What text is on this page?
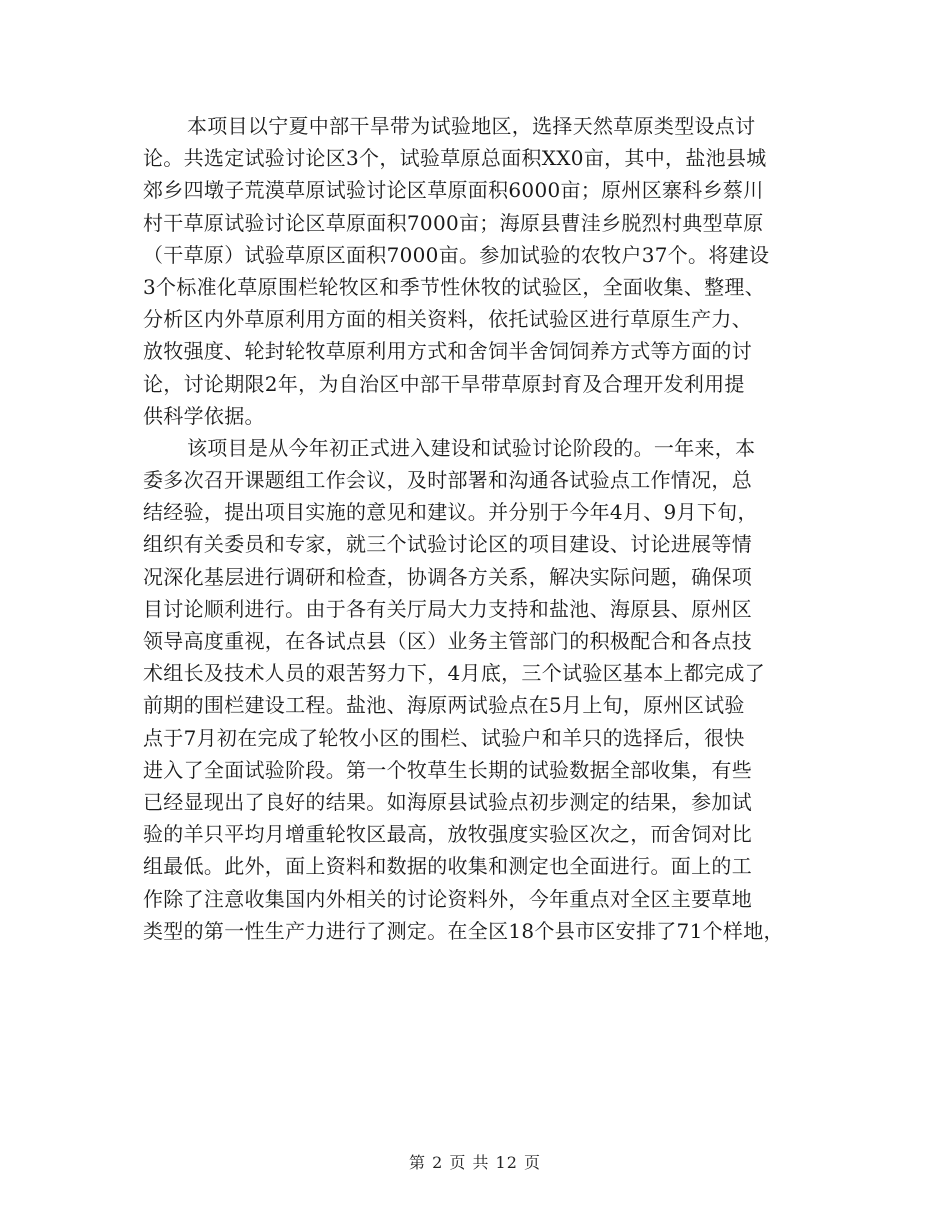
本项目以宁夏中部干旱带为试验地区，选择天然草原类型设点讨
论。共选定试验讨论区3个，试验草原总面积XX0亩，其中，盐池县城
郊乡四墩子荒漠草原试验讨论区草原面积6000亩；原州区寨科乡蔡川
村干草原试验讨论区草原面积7000亩；海原县曹洼乡脱烈村典型草原
（干草原）试验草原区面积7000亩。参加试验的农牧户37个。将建设
3个标准化草原围栏轮牧区和季节性休牧的试验区，全面收集、整理、
分析区内外草原利用方面的相关资料，依托试验区进行草原生产力、
放牧强度、轮封轮牧草原利用方式和舍饲半舍饲饲养方式等方面的讨
论，讨论期限2年，为自治区中部干旱带草原封育及合理开发利用提
供科学依据。
该项目是从今年初正式进入建设和试验讨论阶段的。一年来，本
委多次召开课题组工作会议，及时部署和沟通各试验点工作情况，总
结经验，提出项目实施的意见和建议。并分别于今年4月、9月下旬，
组织有关委员和专家，就三个试验讨论区的项目建设、讨论进展等情
况深化基层进行调研和检查，协调各方关系，解决实际问题，确保项
目讨论顺利进行。由于各有关厅局大力支持和盐池、海原县、原州区
领导高度重视，在各试点县（区）业务主管部门的积极配合和各点技
术组长及技术人员的艰苦努力下，4月底，三个试验区基本上都完成了
前期的围栏建设工程。盐池、海原两试验点在5月上旬，原州区试验
点于7月初在完成了轮牧小区的围栏、试验户和羊只的选择后，很快
进入了全面试验阶段。第一个牧草生长期的试验数据全部收集，有些
已经显现出了良好的结果。如海原县试验点初步测定的结果，参加试
验的羊只平均月增重轮牧区最高，放牧强度实验区次之，而舍饲对比
组最低。此外，面上资料和数据的收集和测定也全面进行。面上的工
作除了注意收集国内外相关的讨论资料外，今年重点对全区主要草地
类型的第一性生产力进行了测定。在全区18个县市区安排了71个样地，
第 2 页 共 12 页
